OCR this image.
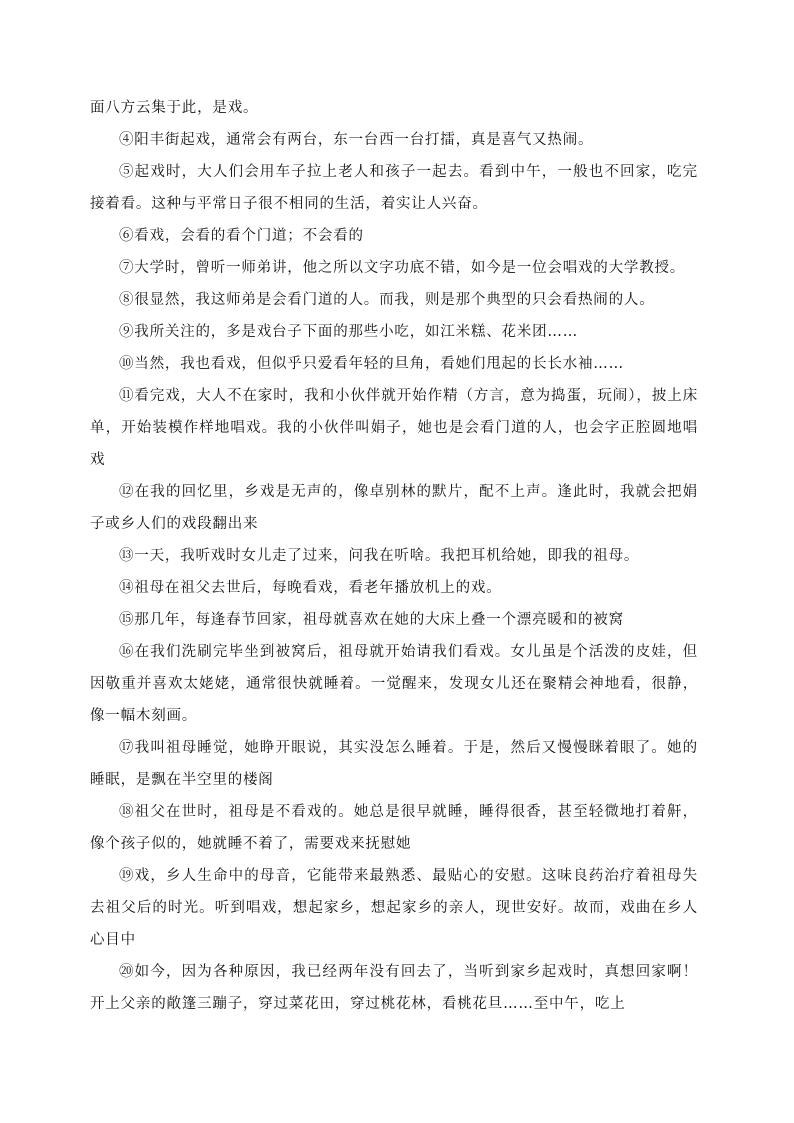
面八方云集于此，是戏。

④阳丰街起戏，通常会有两台，东一台西一台打擂，真是喜气又热闹。

⑤起戏时，大人们会用车子拉上老人和孩子一起去。看到中午，一般也不回家，吃完接着看。这种与平常日子很不相同的生活，着实让人兴奋。

⑥看戏，会看的看个门道；不会看的

⑦大学时，曾听一师弟讲，他之所以文字功底不错，如今是一位会唱戏的大学教授。

⑧很显然，我这师弟是会看门道的人。而我，则是那个典型的只会看热闹的人。

⑨我所关注的，多是戏台子下面的那些小吃，如江米糕、花米团……

⑩当然，我也看戏，但似乎只爱看年轻的旦角，看她们甩起的长长水袖……

⑪看完戏，大人不在家时，我和小伙伴就开始作精（方言，意为捣蛋，玩闹），披上床单，开始装模作样地唱戏。我的小伙伴叫娟子，她也是会看门道的人，也会字正腔圆地唱戏

⑫在我的回忆里，乡戏是无声的，像卓别林的默片，配不上声。逢此时，我就会把娟子或乡人们的戏段翻出来

⑬一天，我听戏时女儿走了过来，问我在听啥。我把耳机给她，即我的祖母。

⑭祖母在祖父去世后，每晚看戏，看老年播放机上的戏。

⑮那几年，每逢春节回家，祖母就喜欢在她的大床上叠一个漂亮暖和的被窝

⑯在我们洗刷完毕坐到被窝后，祖母就开始请我们看戏。女儿虽是个活泼的皮娃，但因敬重并喜欢太姥姥，通常很快就睡着。一觉醒来，发现女儿还在聚精会神地看，很静，像一幅木刻画。

⑰我叫祖母睡觉，她睁开眼说，其实没怎么睡着。于是，然后又慢慢眯着眼了。她的睡眠，是飘在半空里的楼阁

⑱祖父在世时，祖母是不看戏的。她总是很早就睡，睡得很香，甚至轻微地打着鼾，像个孩子似的，她就睡不着了，需要戏来抚慰她

⑲戏，乡人生命中的母音，它能带来最熟悉、最贴心的安慰。这味良药治疗着祖母失去祖父后的时光。听到唱戏，想起家乡，想起家乡的亲人，现世安好。故而，戏曲在乡人心目中

⑳如今，因为各种原因，我已经两年没有回去了，当听到家乡起戏时，真想回家啊！开上父亲的敞篷三蹦子，穿过菜花田，穿过桃花林，看桃花旦……至中午，吃上
